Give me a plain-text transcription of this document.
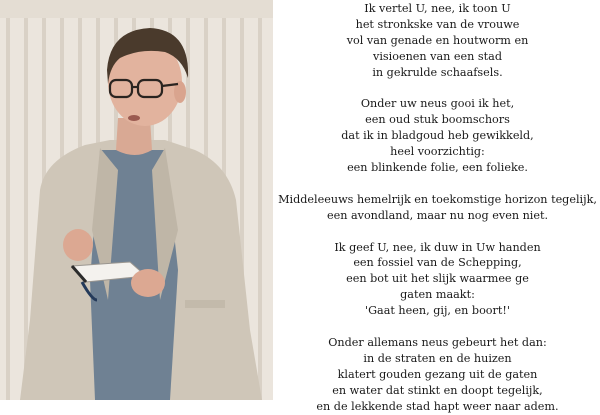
Ik vertel U, nee, ik toon U
het stronkske van de vrouwe
vol van genade en houtworm en
visioenen van een stad
in gekrulde schaafsels.
Onder uw neus gooi ik het,
een oud stuk boomschors
dat ik in bladgoud heb gewikkeld,
heel voorzichtig:
een blinkende folie, een folieke.
Middeleeuws hemelrijk en toekomstige horizon tegelijk,
een avondland, maar nu nog even niet.
Ik geef U, nee, ik duw in Uw handen
een fossiel van de Schepping,
een bot uit het slijk waarmee ge
gaten maakt:
'Gaat heen, gij, en boort!'
Onder allemans neus gebeurt het dan:
in de straten en de huizen
klatert gouden gezang uit de gaten
en water dat stinkt en doopt tegelijk,
en de lekkende stad hapt weer naar adem.
